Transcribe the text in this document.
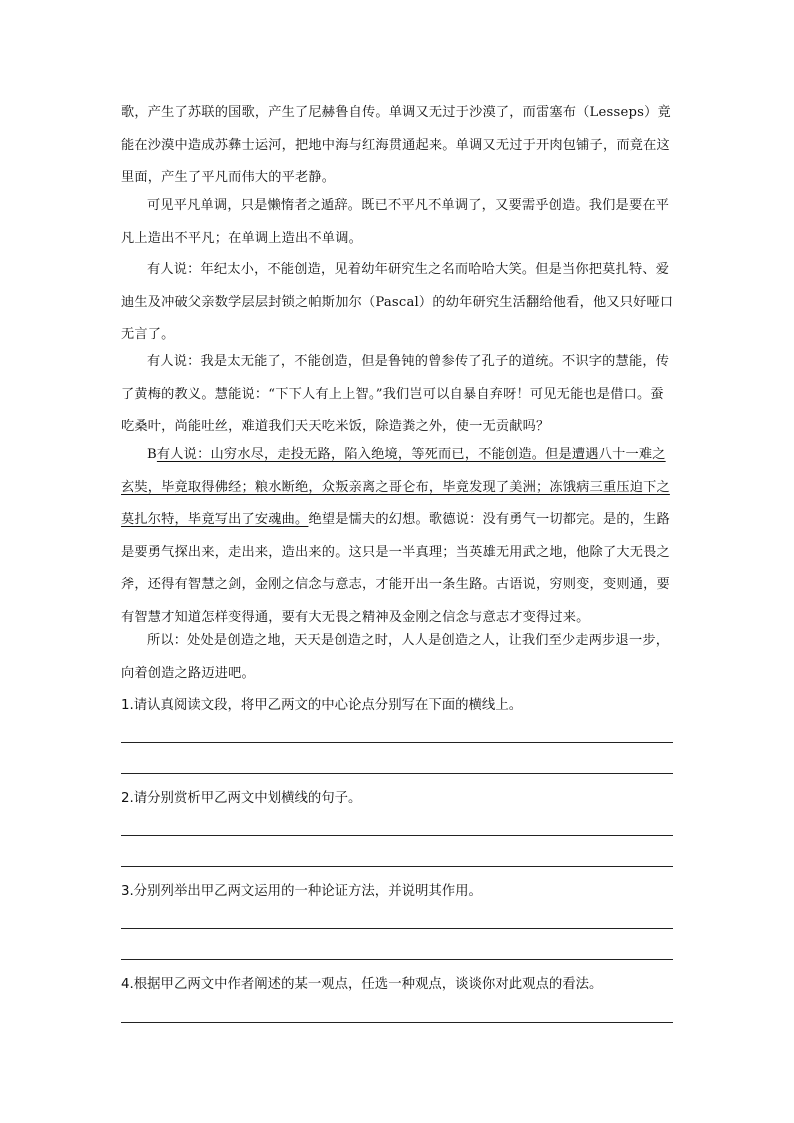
歌，产生了苏联的国歌，产生了尼赫鲁自传。单调又无过于沙漠了，而雷塞布（Lesseps）竟能在沙漠中造成苏彝士运河，把地中海与红海贯通起来。单调又无过于开肉包铺子，而竟在这里面，产生了平凡而伟大的平老静。

可见平凡单调，只是懒惰者之遁辞。既已不平凡不单调了，又要需乎创造。我们是要在平凡上造出不平凡；在单调上造出不单调。

有人说：年纪太小，不能创造，见着幼年研究生之名而哈哈大笑。但是当你把莫扎特、爱迪生及冲破父亲数学层层封锁之帕斯加尔（Pascal）的幼年研究生活翻给他看，他又只好哑口无言了。

有人说：我是太无能了，不能创造，但是鲁钝的曾参传了孔子的道统。不识字的慧能，传了黄梅的教义。慧能说：“下下人有上上智。”我们岂可以自暴自弃呀！可见无能也是借口。蚕吃桑叶，尚能吐丝，难道我们天天吃米饭，除造粪之外，使一无贡献吗？

B有人说：山穷水尽，走投无路，陷入绝境，等死而已，不能创造。但是遭遇八十一难之玄奘，毕竟取得佛经；粮水断绝，众叛亲离之哥仑布，毕竟发现了美洲；冻饿病三重压迫下之莫扎尔特，毕竟写出了安魂曲。绝望是懦夫的幻想。歌德说：没有勇气一切都完。是的，生路是要勇气探出来，走出来，造出来的。这只是一半真理；当英雄无用武之地，他除了大无畏之斧，还得有智慧之剑，金刚之信念与意志，才能开出一条生路。古语说，穷则变，变则通，要有智慧才知道怎样变得通，要有大无畏之精神及金刚之信念与意志才变得过来。

所以：处处是创造之地，天天是创造之时，人人是创造之人，让我们至少走两步退一步，向着创造之路迈进吧。

1.请认真阅读文段，将甲乙两文的中心论点分别写在下面的横线上。

2.请分别赏析甲乙两文中划横线的句子。

3.分别列举出甲乙两文运用的一种论证方法，并说明其作用。

4.根据甲乙两文中作者阐述的某一观点，任选一种观点，谈谈你对此观点的看法。
